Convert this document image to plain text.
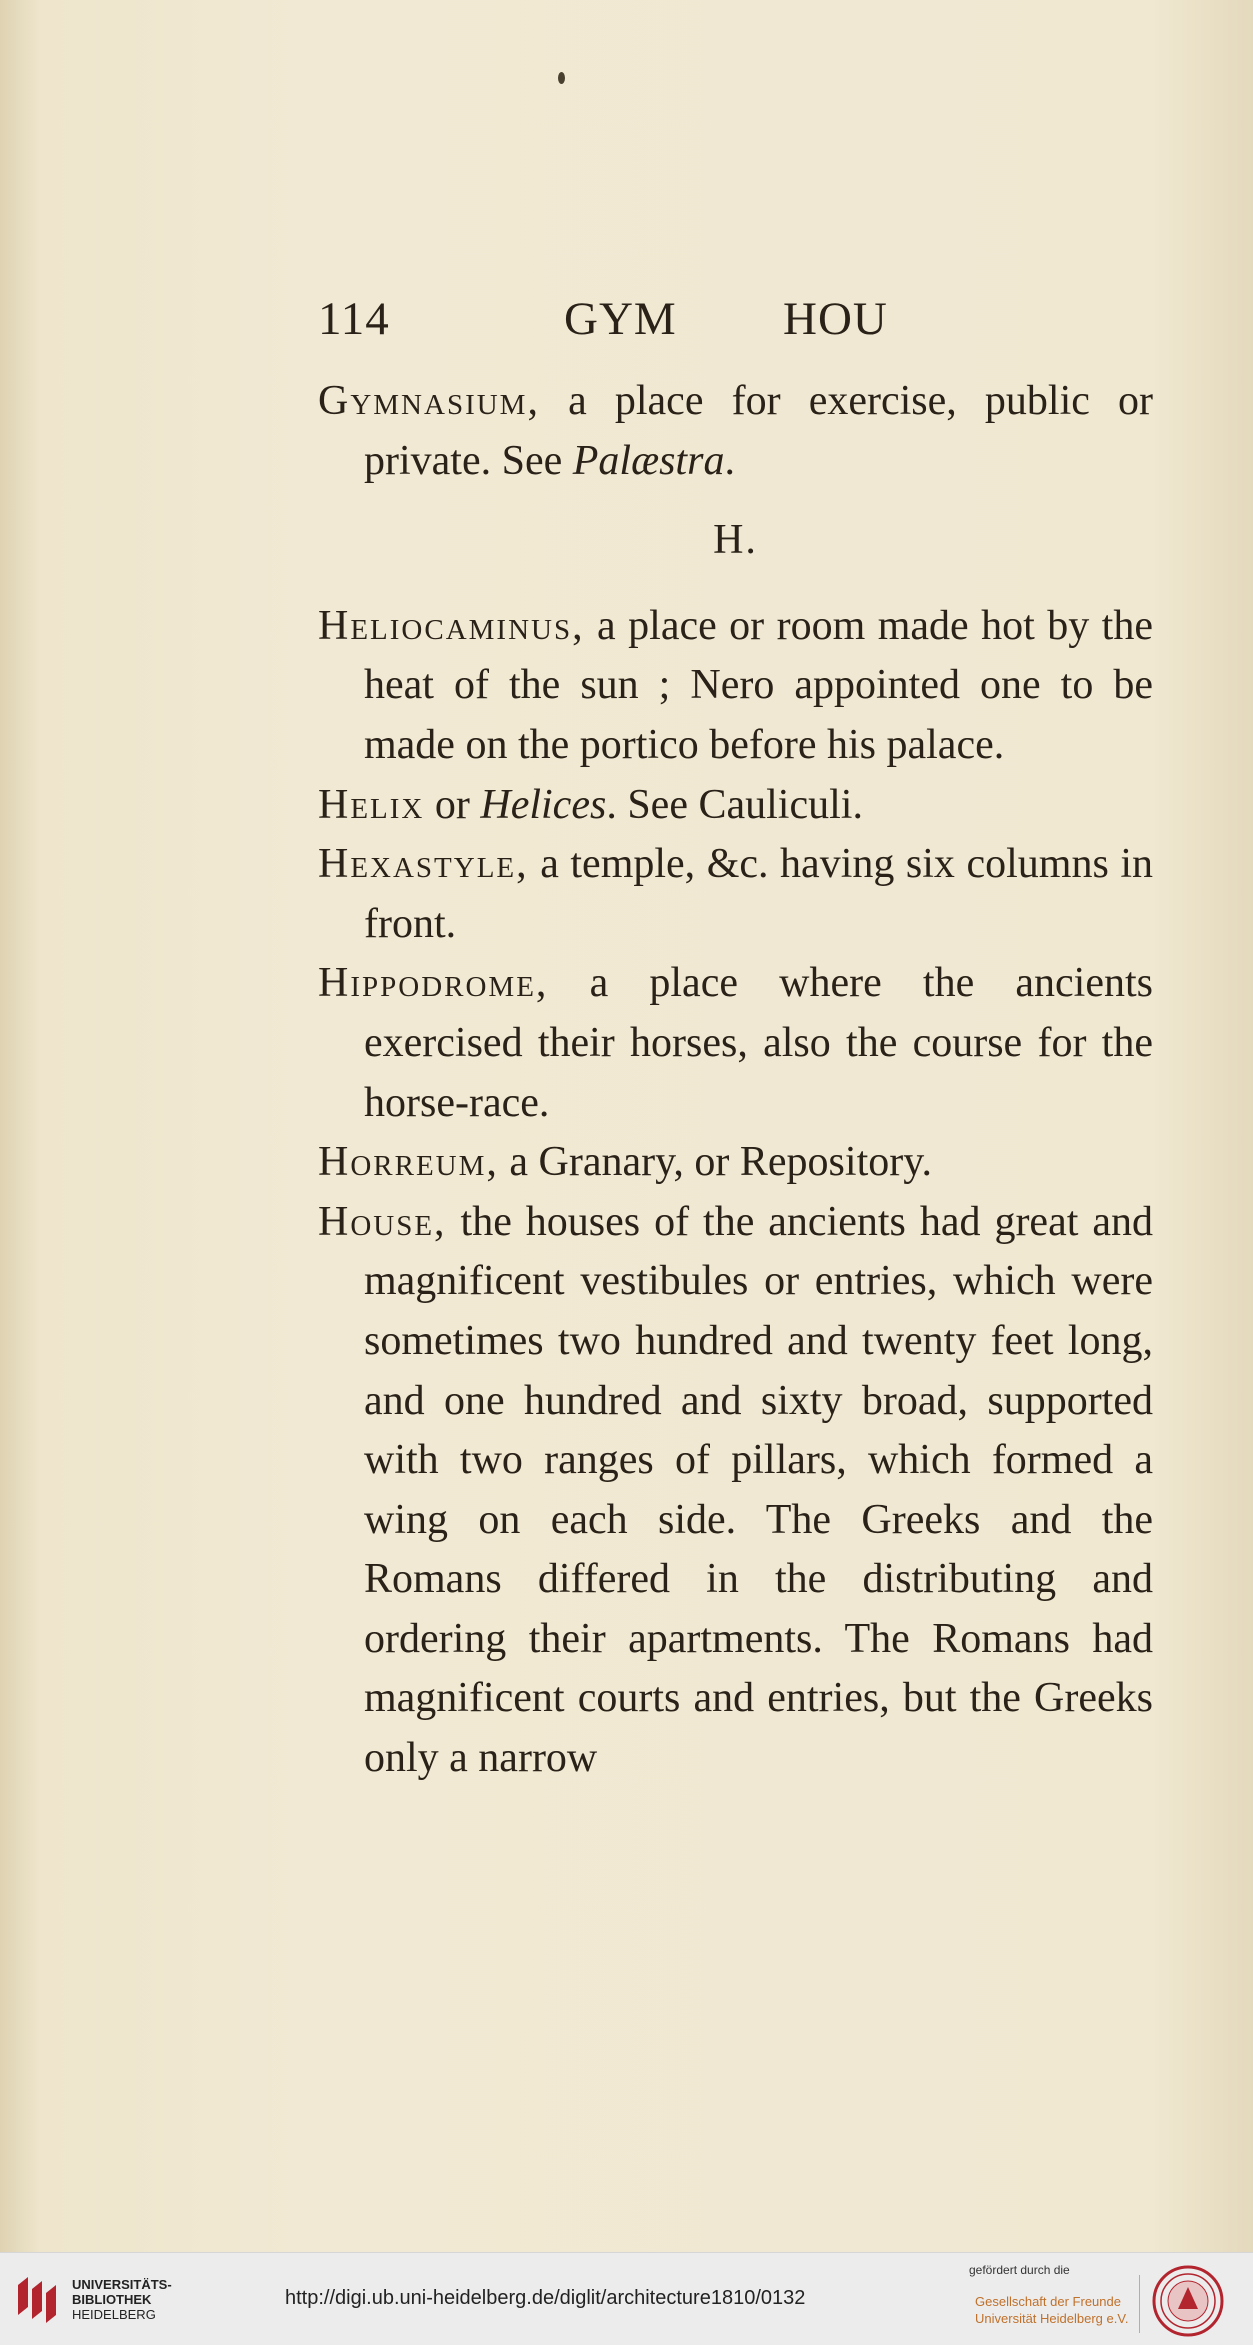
114	GYM HOU
Gymnasium, a place for exercise, public or private. See Palæstra.
H.
Heliocaminus, a place or room made hot by the heat of the sun ; Nero appointed one to be made on the portico before his palace.
Helix or Helices. See Cauliculi.
Hexastyle, a temple, &c. having six columns in front.
Hippodrome, a place where the ancients exercised their horses, also the course for the horse-race.
Horreum, a Granary, or Repository.
House, the houses of the ancients had great and magnificent vestibules or entries, which were sometimes two hundred and twenty feet long, and one hundred and sixty broad, supported with two ranges of pillars, which formed a wing on each side. The Greeks and the Romans differed in the distributing and ordering their apartments. The Romans had magnificent courts and entries, but the Greeks only a narrow
UNIVERSITÄTS-
BIBLIOTHEK
HEIDELBERG
http://digi.ub.uni-heidelberg.de/diglit/architecture1810/0132
gefördert durch die
Gesellschaft der Freunde
Universität Heidelberg e.V.
